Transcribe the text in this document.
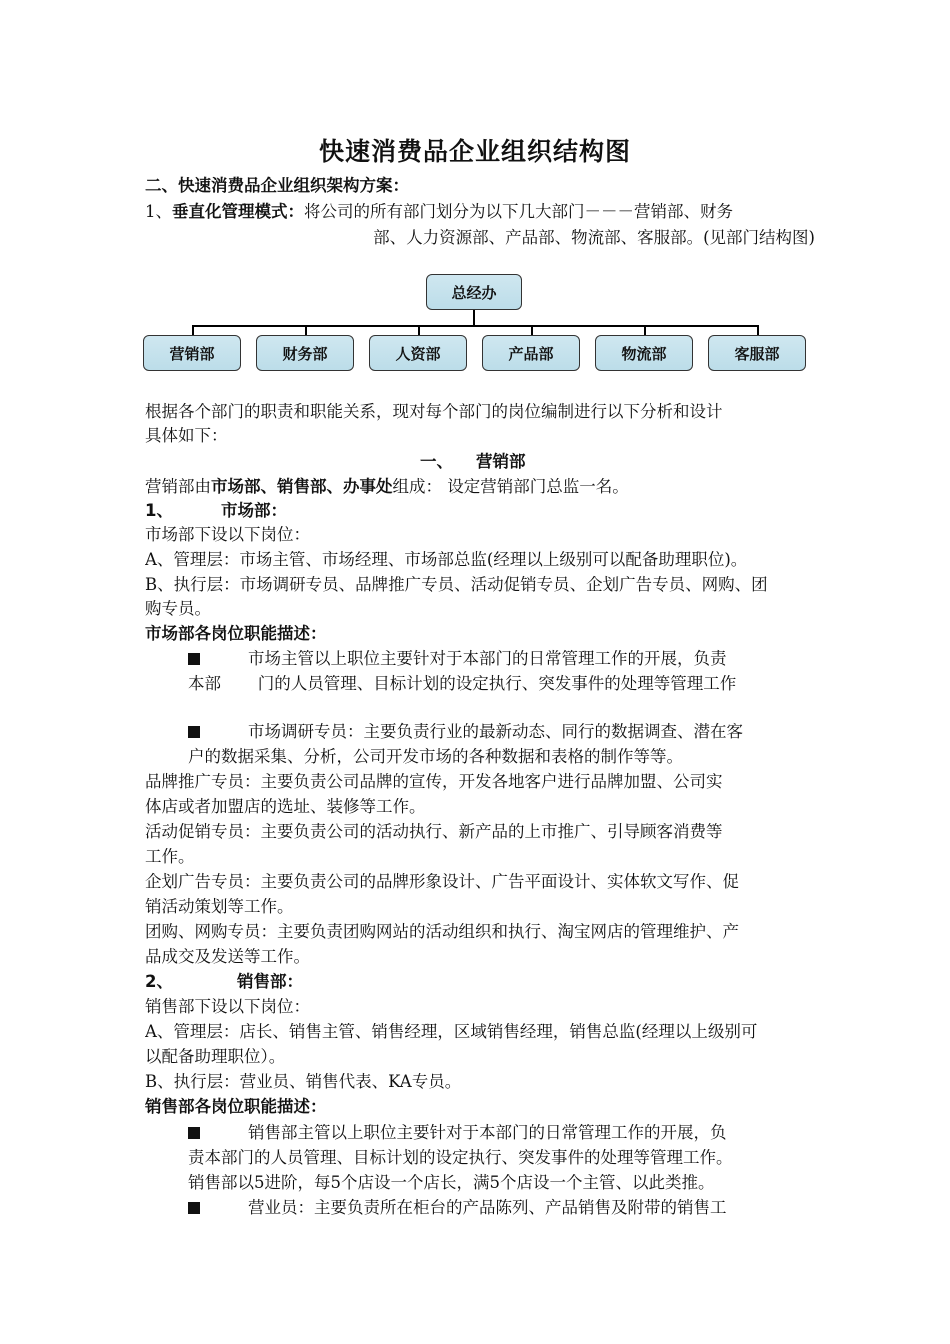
快速消费品企业组织结构图
二、快速消费品企业组织架构方案：
1、垂直化管理模式：将公司的所有部门划分为以下几大部门－－－营销部、财务
部、人力资源部、产品部、物流部、客服部。(见部门结构图)
总经办
营销部	财务部	人资部	产品部	物流部	客服部
根据各个部门的职责和职能关系，现对每个部门的岗位编制进行以下分析和设计
具体如下：
一、    营销部
营销部由市场部、销售部、办事处组成： 设定营销部门总监一名。
1、	市场部：
市场部下设以下岗位：
A、管理层：市场主管、市场经理、市场部总监(经理以上级别可以配备助理职位)。
B、执行层：市场调研专员、品牌推广专员、活动促销专员、企划广告专员、网购、团
购专员。
市场部各岗位职能描述：
市场主管以上职位主要针对于本部门的日常管理工作的开展，负责
本部       门的人员管理、目标计划的设定执行、突发事件的处理等管理工作
市场调研专员：主要负责行业的最新动态、同行的数据调查、潜在客
户的数据采集、分析，公司开发市场的各种数据和表格的制作等等。
品牌推广专员：主要负责公司品牌的宣传，开发各地客户进行品牌加盟、公司实
体店或者加盟店的选址、装修等工作。
活动促销专员：主要负责公司的活动执行、新产品的上市推广、引导顾客消费等
工作。
企划广告专员：主要负责公司的品牌形象设计、广告平面设计、实体软文写作、促
销活动策划等工作。
团购、网购专员：主要负责团购网站的活动组织和执行、淘宝网店的管理维护、产
品成交及发送等工作。
2、	销售部：
销售部下设以下岗位：
A、管理层：店长、销售主管、销售经理，区域销售经理，销售总监(经理以上级别可
以配备助理职位）。
B、执行层：营业员、销售代表、KA专员。
销售部各岗位职能描述：
销售部主管以上职位主要针对于本部门的日常管理工作的开展，负
责本部门的人员管理、目标计划的设定执行、突发事件的处理等管理工作。
销售部以5进阶，每5个店设一个店长，满5个店设一个主管、以此类推。
营业员：主要负责所在柜台的产品陈列、产品销售及附带的销售工
